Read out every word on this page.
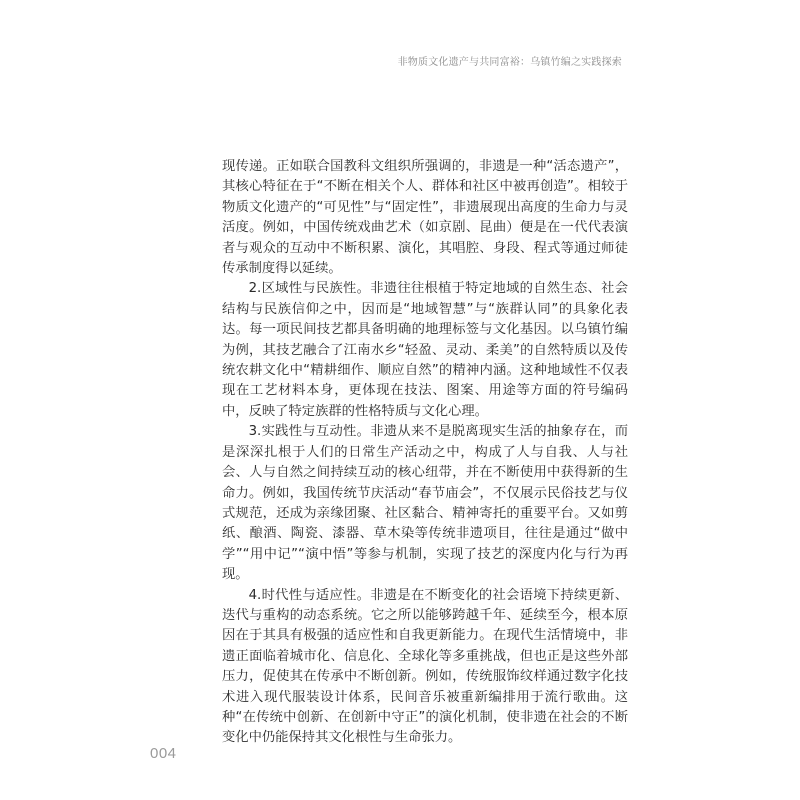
非物质文化遗产与共同富裕：乌镇竹编之实践探索

现传递。正如联合国教科文组织所强调的，非遗是一种“活态遗产”，其核心特征在于“不断在相关个人、群体和社区中被再创造”。相较于物质文化遗产的“可见性”与“固定性”，非遗展现出高度的生命力与灵活度。例如，中国传统戏曲艺术（如京剧、昆曲）便是在一代代表演者与观众的互动中不断积累、演化，其唱腔、身段、程式等通过师徒传承制度得以延续。

2.区域性与民族性。非遗往往根植于特定地域的自然生态、社会结构与民族信仰之中，因而是“地域智慧”与“族群认同”的具象化表达。每一项民间技艺都具备明确的地理标签与文化基因。以乌镇竹编为例，其技艺融合了江南水乡“轻盈、灵动、柔美”的自然特质以及传统农耕文化中“精耕细作、顺应自然”的精神内涵。这种地域性不仅表现在工艺材料本身，更体现在技法、图案、用途等方面的符号编码中，反映了特定族群的性格特质与文化心理。

3.实践性与互动性。非遗从来不是脱离现实生活的抽象存在，而是深深扎根于人们的日常生产活动之中，构成了人与自我、人与社会、人与自然之间持续互动的核心纽带，并在不断使用中获得新的生命力。例如，我国传统节庆活动“春节庙会”，不仅展示民俗技艺与仪式规范，还成为亲缘团聚、社区黏合、精神寄托的重要平台。又如剪纸、酿酒、陶瓷、漆器、草木染等传统非遗项目，往往是通过“做中学”“用中记”“演中悟”等参与机制，实现了技艺的深度内化与行为再现。

4.时代性与适应性。非遗是在不断变化的社会语境下持续更新、迭代与重构的动态系统。它之所以能够跨越千年、延续至今，根本原因在于其具有极强的适应性和自我更新能力。在现代生活情境中，非遗正面临着城市化、信息化、全球化等多重挑战，但也正是这些外部压力，促使其在传承中不断创新。例如，传统服饰纹样通过数字化技术进入现代服装设计体系，民间音乐被重新编排用于流行歌曲。这种“在传统中创新、在创新中守正”的演化机制，使非遗在社会的不断变化中仍能保持其文化根性与生命张力。

004
